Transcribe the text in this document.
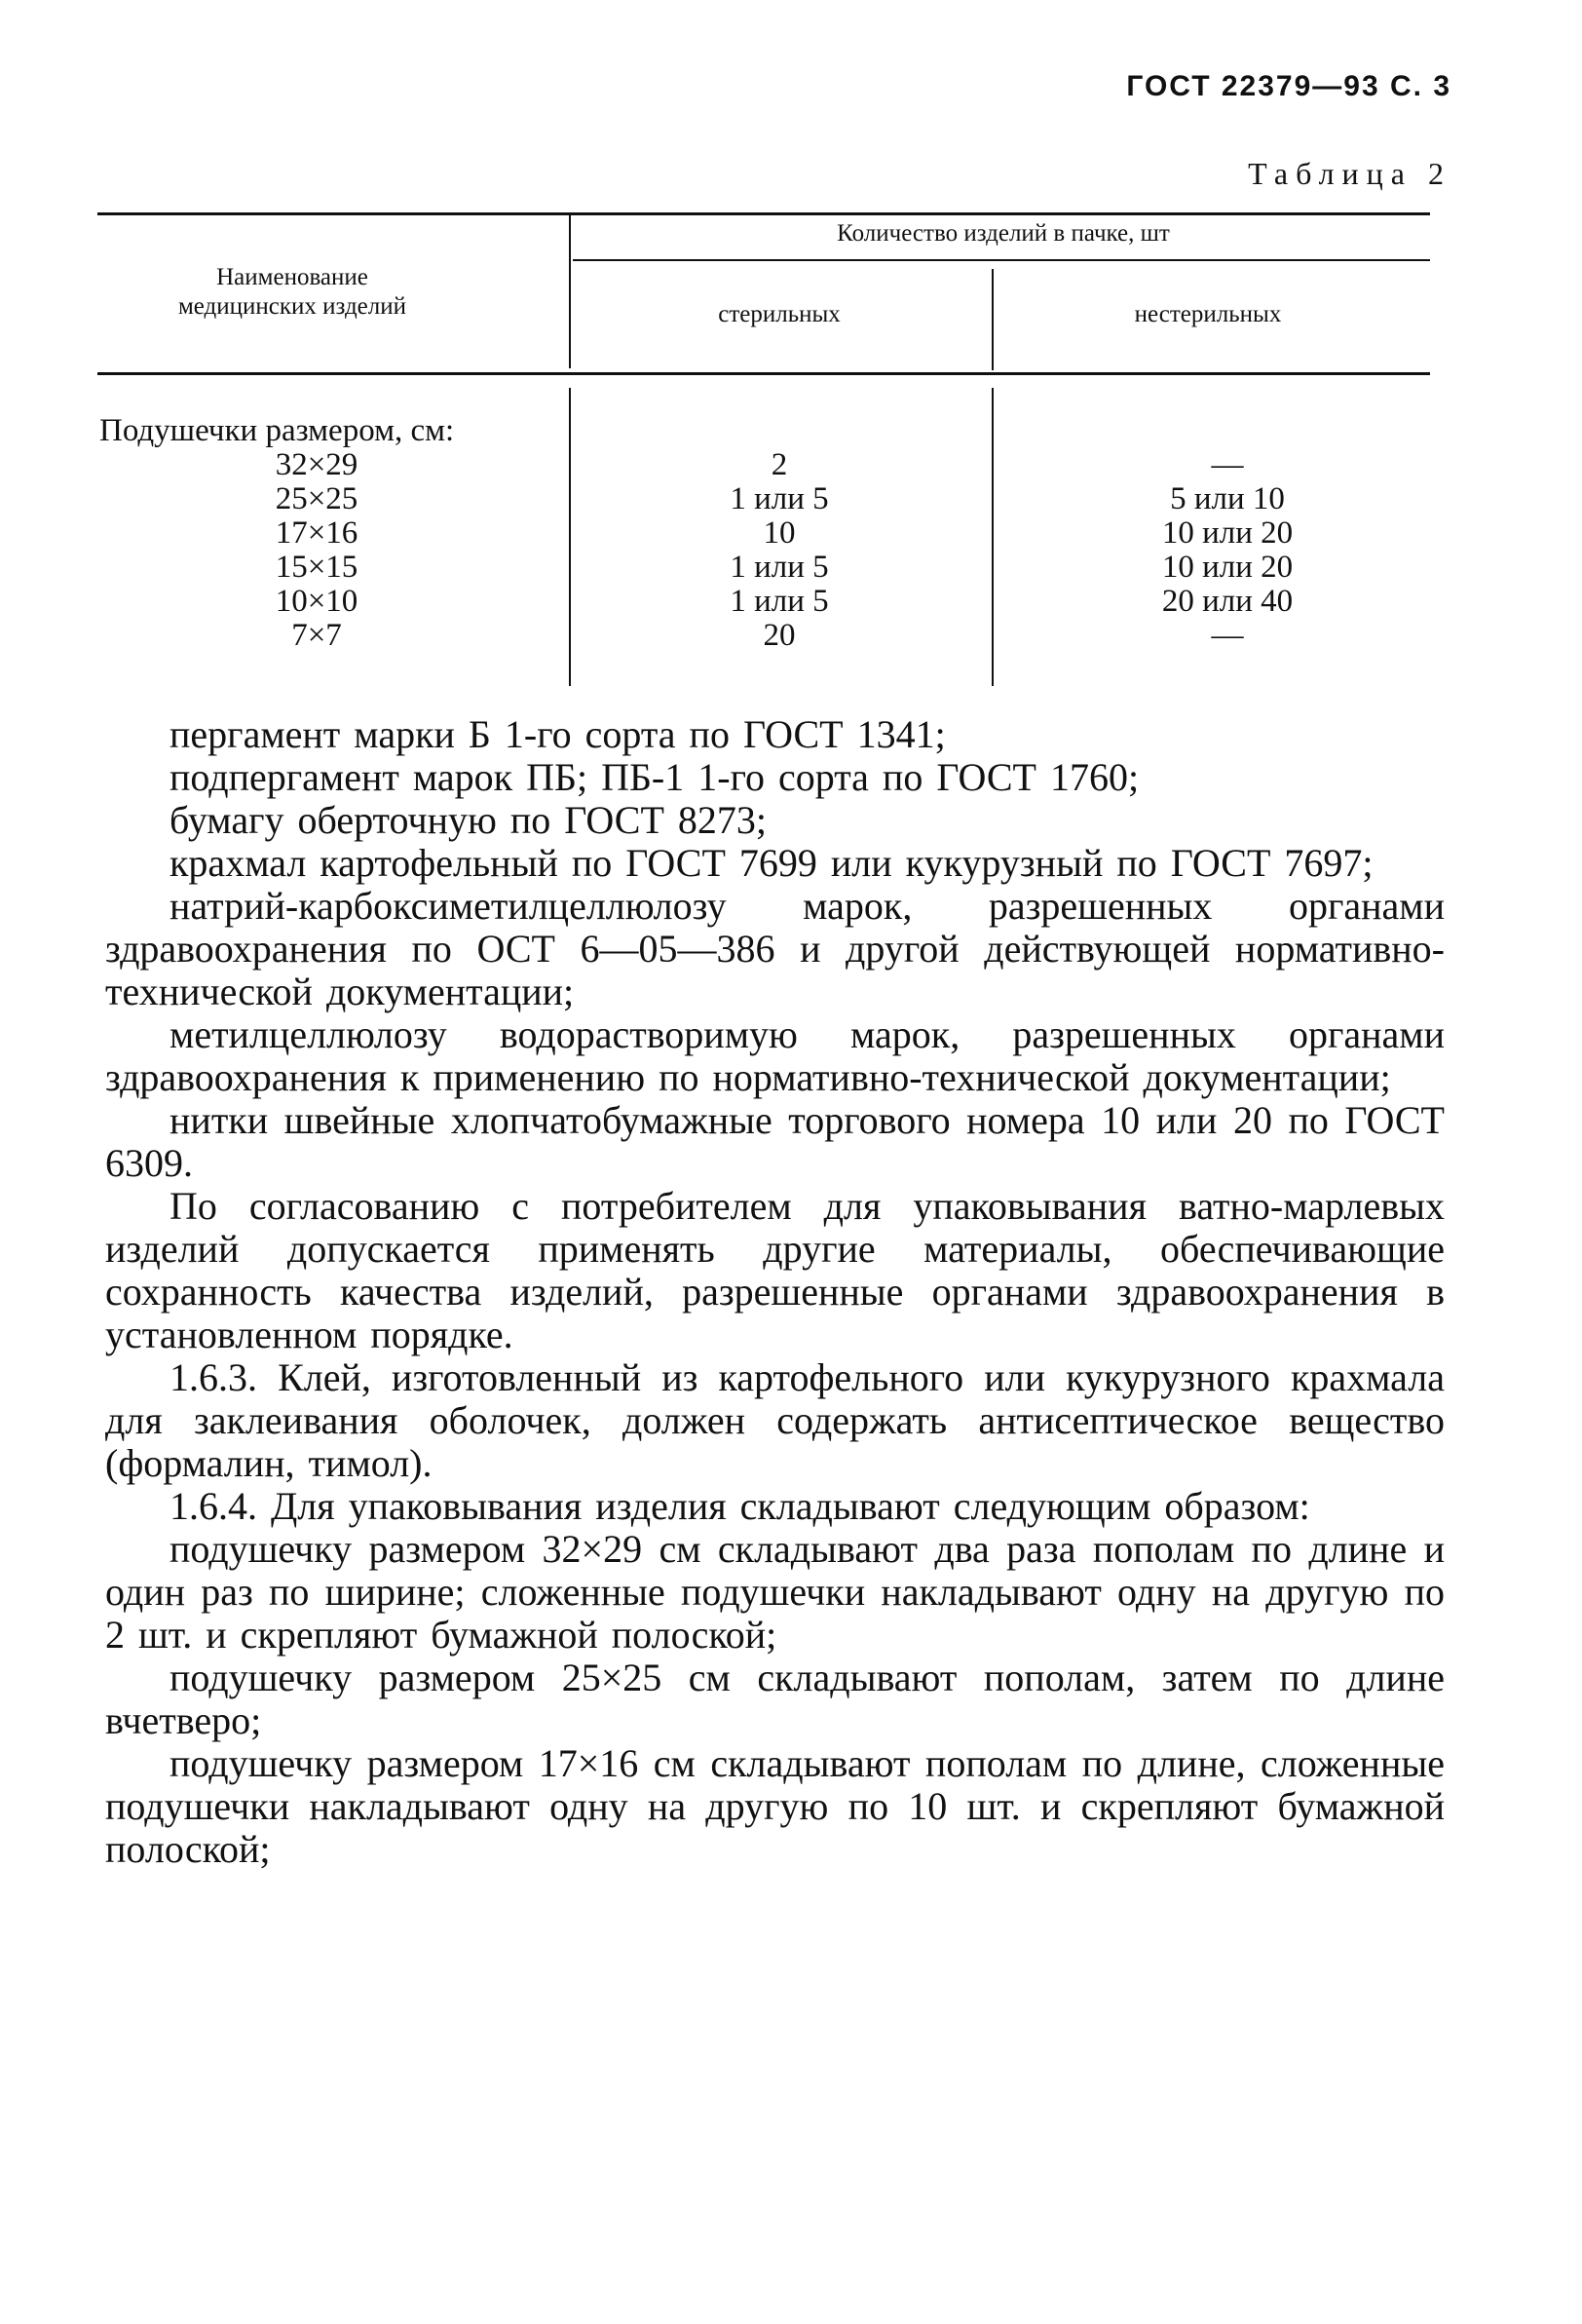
ГОСТ 22379—93 С. 3
Таблица 2
Наименование медицинских изделий
Количество изделий в пачке, шт
стерильных	нестерильных
Подушечки размером, см:
32×29
25×25
17×16
15×15
10×10
7×7
2
1 или 5
10
1 или 5
1 или 5
20
—
5 или 10
10 или 20
10 или 20
20 или 40
—

пергамент марки Б 1-го сорта по ГОСТ 1341;

подпергамент марок ПБ; ПБ-1 1-го сорта по ГОСТ 1760;

бумагу оберточную по ГОСТ 8273;

крахмал картофельный по ГОСТ 7699 или кукурузный по ГОСТ 7697;

натрий-карбоксиметилцеллюлозу марок, разрешенных органами здравоохранения по ОСТ 6—05—386 и другой действующей нормативно-технической документации;

метилцеллюлозу водорастворимую марок, разрешенных органами здравоохранения к применению по нормативно-технической документации;

нитки швейные хлопчатобумажные торгового номера 10 или 20 по ГОСТ 6309.

По согласованию с потребителем для упаковывания ватно-марлевых изделий допускается применять другие материалы, обеспечивающие сохранность качества изделий, разрешенные органами здравоохранения в установленном порядке.

1.6.3. Клей, изготовленный из картофельного или кукурузного крахмала для заклеивания оболочек, должен содержать антисептическое вещество (формалин, тимол).

1.6.4. Для упаковывания изделия складывают следующим образом:

подушечку размером 32×29 см складывают два раза пополам по длине и один раз по ширине; сложенные подушечки накладывают одну на другую по 2 шт. и скрепляют бумажной полоской;

подушечку размером 25×25 см складывают пополам, затем по длине вчетверо;

подушечку размером 17×16 см складывают пополам по длине, сложенные подушечки накладывают одну на другую по 10 шт. и скрепляют бумажной полоской;
